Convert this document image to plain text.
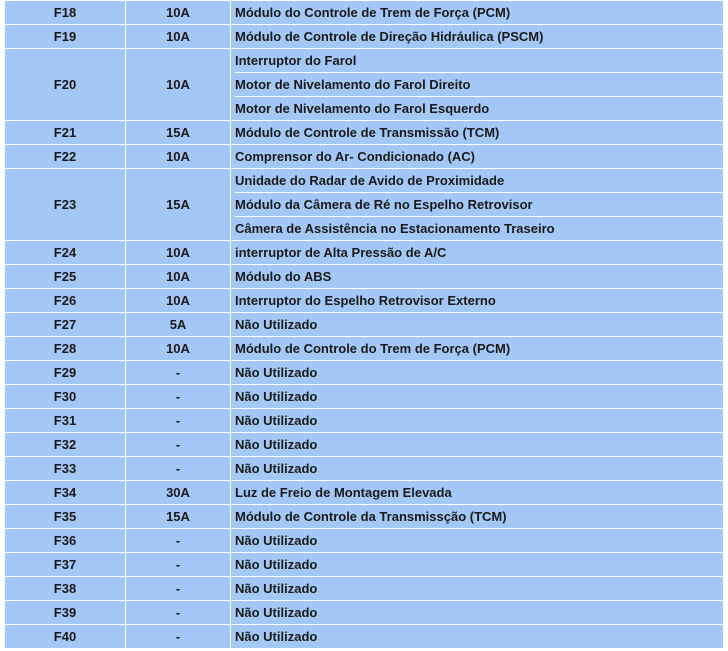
F18	10A	Módulo do Controle de Trem de Força (PCM)

F19	10A	Módulo de Controle de Direção Hidráulica (PSCM)

F20	10A	Interruptor do Farol
Motor de Nivelamento do Farol Direito
Motor de Nivelamento do Farol Esquerdo

F21	15A	Módulo de Controle de Transmissão (TCM)

F22	10A	Comprensor do Ar- Condicionado (AC)

F23	15A	Unidade do Radar de Avido de Proximidade
Módulo da Câmera de Ré no Espelho Retrovisor
Câmera de Assistência no Estacionamento Traseiro

F24	10A	interruptor de Alta Pressão de A/C

F25	10A	Módulo do ABS

F26	10A	Interruptor do Espelho Retrovisor Externo

F27	5A	Não Utilizado

F28	10A	Módulo de Controle do Trem de Força (PCM)

F29	-	Não Utilizado

F30	-	Não Utilizado

F31	-	Não Utilizado

F32	-	Não Utilizado

F33	-	Não Utilizado

F34	30A	Luz de Freio de Montagem Elevada

F35	15A	Módulo de Controle da Transmissção (TCM)

F36	-	Não Utilizado

F37	-	Não Utilizado

F38	-	Não Utilizado

F39	-	Não Utilizado

F40	-	Não Utilizado
